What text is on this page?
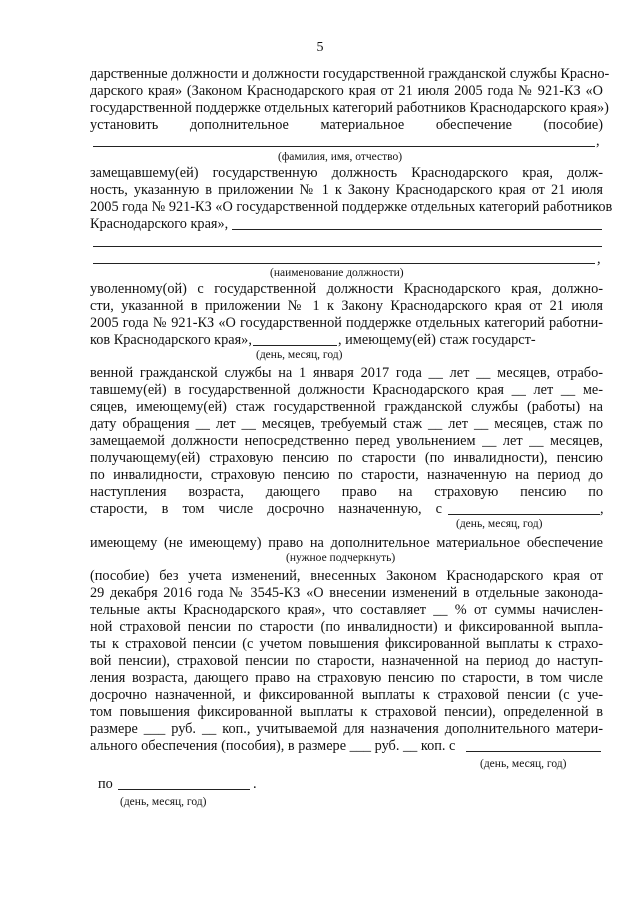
5
дарственные должности и должности государственной гражданской службы Красно-
дарского края» (Законом Краснодарского края от 21 июля 2005 года № 921-КЗ «О
государственной поддержке отдельных категорий работников Краснодарского края»)
установить дополнительное материальное обеспечение (пособие)
,
(фамилия, имя, отчество)
замещавшему(ей) государственную должность Краснодарского края, долж-
ность, указанную в приложении № 1 к Закону Краснодарского края от 21 июля
2005 года № 921-КЗ «О государственной поддержке отдельных категорий работников
Краснодарского края»,
,
(наименование должности)
уволенному(ой) с государственной должности Краснодарского края, должно-
сти, указанной в приложении № 1 к Закону Краснодарского края от 21 июля
2005 года № 921-КЗ «О государственной поддержке отдельных категорий работни-
ков Краснодарского края»,	, имеющему(ей) стаж государст-
(день, месяц, год)
венной гражданской службы на 1 января 2017 года __ лет __ месяцев, отрабо-
тавшему(ей) в государственной должности Краснодарского края __ лет __ ме-
сяцев, имеющему(ей) стаж государственной гражданской службы (работы) на
дату обращения __ лет __ месяцев, требуемый стаж __ лет __ месяцев, стаж по
замещаемой должности непосредственно перед увольнением __ лет __ месяцев,
получающему(ей) страховую пенсию по старости (по инвалидности), пенсию
по инвалидности, страховую пенсию по старости, назначенную на период до
наступления возраста, дающего право на страховую пенсию по
старости, в том числе досрочно назначенную, с	,
(день, месяц, год)
имеющему (не имеющему) право на дополнительное материальное обеспечение
(нужное подчеркнуть)
(пособие) без учета изменений, внесенных Законом Краснодарского края от
29 декабря 2016 года № 3545-КЗ «О внесении изменений в отдельные законода-
тельные акты Краснодарского края», что составляет __ % от суммы начислен-
ной страховой пенсии по старости (по инвалидности) и фиксированной выпла-
ты к страховой пенсии (с учетом повышения фиксированной выплаты к страхо-
вой пенсии), страховой пенсии по старости, назначенной на период до наступ-
ления возраста, дающего право на страховую пенсию по старости, в том числе
досрочно назначенной, и фиксированной выплаты к страховой пенсии (с учe-
том повышения фиксированной выплаты к страховой пенсии), определенной в
размере ___ руб. __ коп., учитываемой для назначения дополнительного матери-
ального обеспечения (пособия), в размере ___ руб. __ коп. с
(день, месяц, год)
по	.
(день, месяц, год)
